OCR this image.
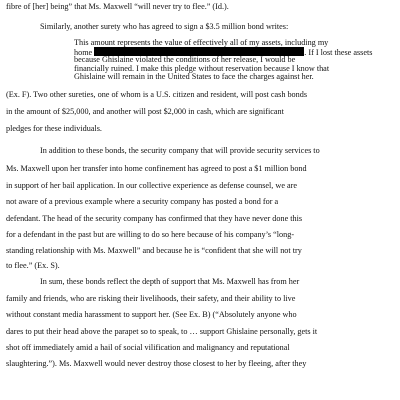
fibre of [her] being” that Ms. Maxwell “will never try to flee.” (Id.).
Similarly, another surety who has agreed to sign a $3.5 million bond writes:
This amount represents the value of effectively all of my assets, including my
home	. If I lost these assets
because Ghislaine violated the conditions of her release, I would be
financially ruined. I make this pledge without reservation because I know that
Ghislaine will remain in the United States to face the charges against her.
(Ex. F). Two other sureties, one of whom is a U.S. citizen and resident, will post cash bonds
in the amount of $25,000, and another will post $2,000 in cash, which are significant
pledges for these individuals.
In addition to these bonds, the security company that will provide security services to
Ms. Maxwell upon her transfer into home confinement has agreed to post a $1 million bond
in support of her bail application. In our collective experience as defense counsel, we are
not aware of a previous example where a security company has posted a bond for a
defendant. The head of the security company has confirmed that they have never done this
for a defendant in the past but are willing to do so here because of his company’s “long-
standing relationship with Ms. Maxwell” and because he is “confident that she will not try
to flee.” (Ex. S).
In sum, these bonds reflect the depth of support that Ms. Maxwell has from her
family and friends, who are risking their livelihoods, their safety, and their ability to live
without constant media harassment to support her. (See Ex. B) (“Absolutely anyone who
dares to put their head above the parapet so to speak, to … support Ghislaine personally, gets it
shot off immediately amid a hail of social vilification and malignancy and reputational
slaughtering.”). Ms. Maxwell would never destroy those closest to her by fleeing, after they
